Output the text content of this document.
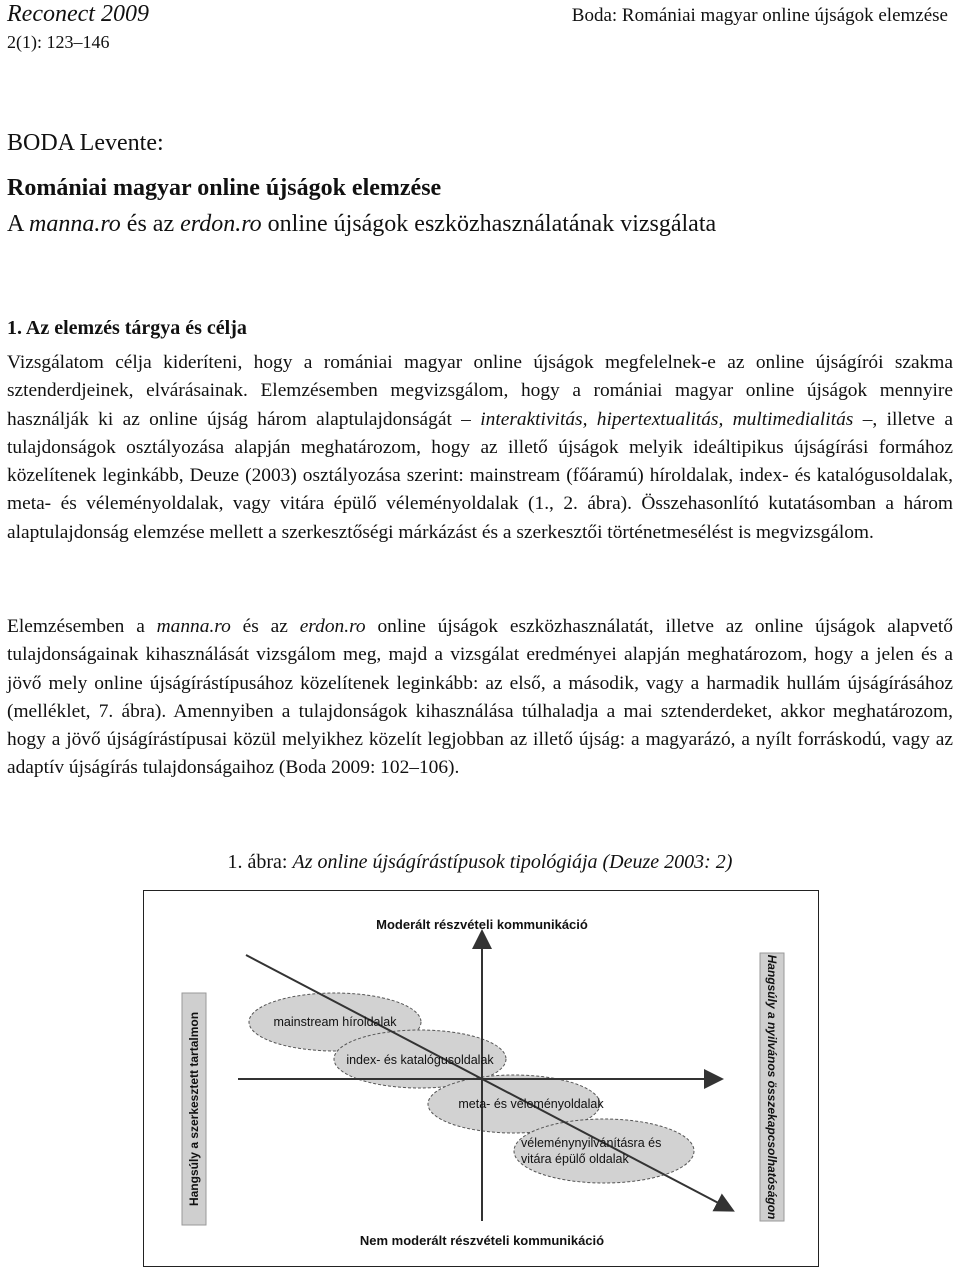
Reconect 2009
2(1): 123–146
Boda: Romániai magyar online újságok elemzése
BODA Levente:
Romániai magyar online újságok elemzése
A manna.ro és az erdon.ro online újságok eszközhasználatának vizsgálata
1. Az elemzés tárgya és célja

Vizsgálatom célja kideríteni, hogy a romániai magyar online újságok megfelelnek-e az online újságírói szakma sztenderdjeinek, elvárásainak. Elemzésemben megvizsgálom, hogy a romániai magyar online újságok mennyire használják ki az online újság három alaptulajdonságát – interaktivitás, hipertextualitás, multimedialitás –, illetve a tulajdonságok osztályozása alapján meghatározom, hogy az illető újságok melyik ideáltipikus újságírási formához közelítenek leginkább, Deuze (2003) osztályozása szerint: mainstream (főáramú) híroldalak, index- és katalógusoldalak, meta- és véleményoldalak, vagy vitára épülő véleményoldalak (1., 2. ábra). Összehasonlító kutatásomban a három alaptulajdonság elemzése mellett a szerkesztőségi márkázást és a szerkesztői történetmesélést is megvizsgálom.

Elemzésemben a manna.ro és az erdon.ro online újságok eszközhasználatát, illetve az online újságok alapvető tulajdonságainak kihasználását vizsgálom meg, majd a vizsgálat eredményei alapján meghatározom, hogy a jelen és a jövő mely online újságírástípusához közelítenek leginkább: az első, a második, vagy a harmadik hullám újságírásához (melléklet, 7. ábra). Amennyiben a tulajdonságok kihasználása túlhaladja a mai sztenderdeket, akkor meghatározom, hogy a jövő újságírástípusai közül melyikhez közelít legjobban az illető újság: a magyarázó, a nyílt forráskodú, vagy az adaptív újságírás tulajdonságaihoz (Boda 2009: 102–106).

1. ábra: Az online újságírástípusok tipológiája (Deuze 2003: 2)
Moderált részvételi kommunikáció
Nem moderált részvételi kommunikáció
Hangsúly a szerkesztett tartalmon	Hangsúly a nyilvános összekapcsolhatóságon
mainstream híroldalak
index- és katalógusoldalak
meta- és véleményoldalak
véleménynyilvánításra és
vitára épülő oldalak
